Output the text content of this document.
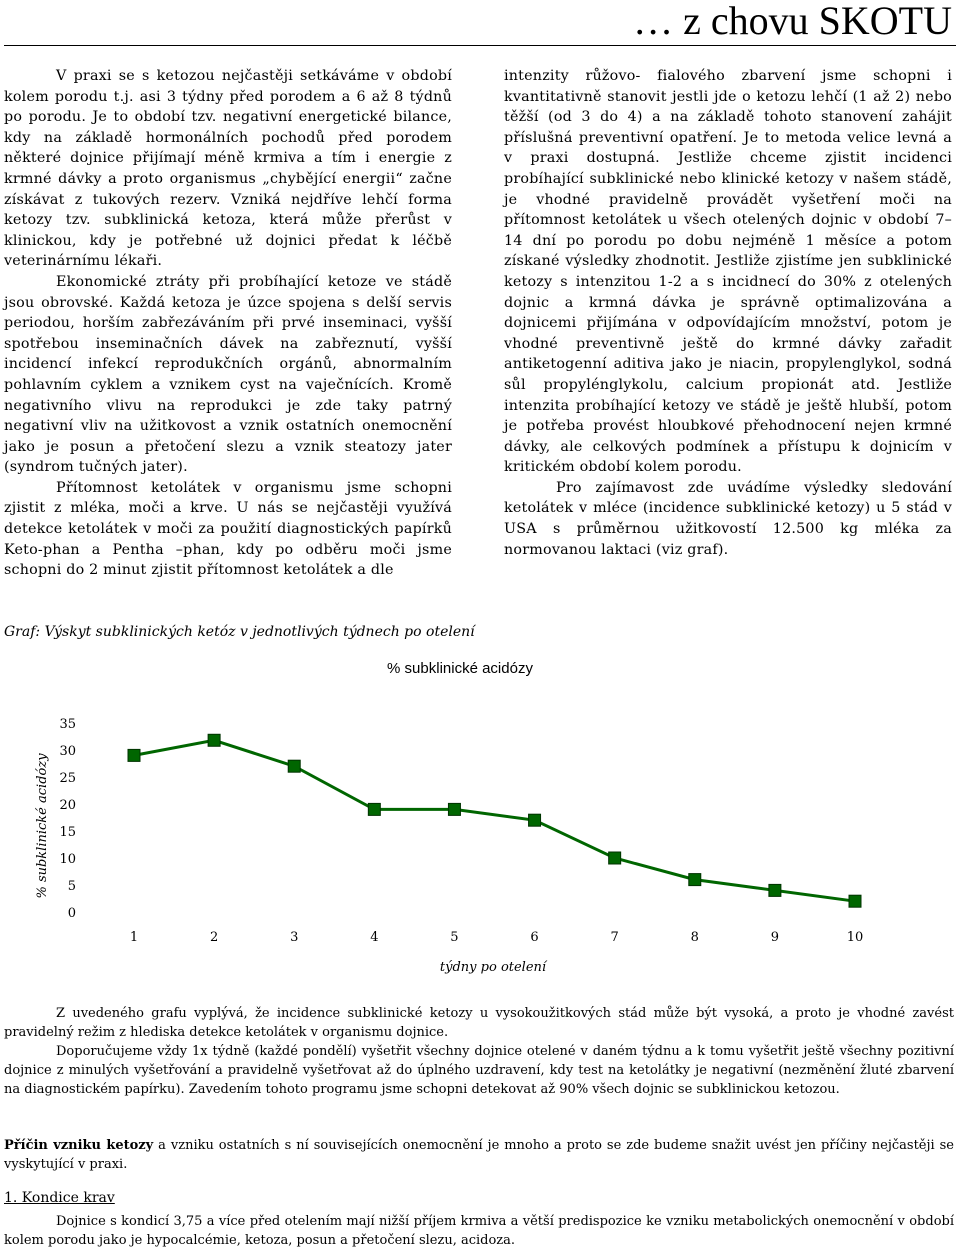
… z chovu SKOTU

V praxi se s ketozou nejčastěji setkáváme v období kolem porodu t.j. asi 3 týdny před porodem a 6 až 8 týdnů po porodu. Je to období tzv. negativní energetické bilance, kdy na základě hormonálních pochodů před porodem některé dojnice přijímají méně krmiva a tím i energie z krmné dávky a proto organismus „chybějící energii“ začne získávat z tukových rezerv. Vzniká nejdříve lehčí forma ketozy tzv. subklinická ketoza, která může přerůst v klinickou, kdy je potřebné už dojnici předat k léčbě veterinárnímu lékaři.

Ekonomické ztráty při probíhající ketoze ve stádě jsou obrovské. Každá ketoza je úzce spojena s delší servis periodou, horším zabřezáváním při prvé inseminaci, vyšší spotřebou inseminačních dávek na zabřeznutí, vyšší incidencí infekcí reprodukčních orgánů, abnormalním pohlavním cyklem a vznikem cyst na vaječnících. Kromě negativního vlivu na reprodukci je zde taky patrný negativní vliv na užitkovost a vznik ostatních onemocnění jako je posun a přetočení slezu a vznik steatozy jater (syndrom tučných jater).

Přítomnost ketolátek v organismu jsme schopni zjistit z mléka, moči a krve. U nás se nejčastěji využívá detekce ketolátek v moči za použití diagnostických papírků Keto-phan a Pentha –phan, kdy po odběru moči jsme schopni do 2 minut zjistit přítomnost ketolátek a dle

intenzity růžovo- fialového zbarvení jsme schopni i kvantitativně stanovit jestli jde o ketozu lehčí (1 až 2) nebo těžší (od 3 do 4) a na základě tohoto stanovení zahájit příslušná preventivní opatření. Je to metoda velice levná a v praxi dostupná. Jestliže chceme zjistit incidenci probíhající subklinické nebo klinické ketozy v našem stádě, je vhodné pravidelně provádět vyšetření moči na přítomnost ketolátek u všech otelených dojnic v období 7– 14 dní po porodu po dobu nejméně 1 měsíce a potom získané výsledky zhodnotit. Jestliže zjistíme jen subklinické ketozy s intenzitou 1-2 a s incidnecí do 30% z otelených dojnic a krmná dávka je správně optimalizována a dojnicemi přijímána v odpovídajícím množství, potom je vhodné preventivně ještě do krmné dávky zařadit antiketogenní aditiva jako je niacin, propylenglykol, sodná sůl propylénglykolu, calcium propionát atd. Jestliže intenzita probíhající ketozy ve stádě je ještě hlubší, potom je potřeba provést hloubkové přehodnocení nejen krmné dávky, ale celkových podmínek a přístupu k dojnicím v kritickém období kolem porodu.

Pro zajímavost zde uvádíme výsledky sledování ketolátek v mléce (incidence subklinické ketozy) u 5 stád v USA s průměrnou užitkovostí 12.500 kg mléka za normovanou laktaci (viz graf).

Graf: Výskyt subklinických ketóz v jednotlivých týdnech po otelení
% subklinické acidózy
0
5
10
15
20
25
30
35
1	2	3	4	5	6	7	8	9	10
% subklinické acidózy
týdny po otelení

Z uvedeného grafu vyplývá, že incidence subklinické ketozy u vysokoužitkových stád může být vysoká, a proto je vhodné zavést pravidelný režim z hlediska detekce ketolátek v organismu dojnice.

Doporučujeme vždy 1x týdně (každé pondělí) vyšetřit všechny dojnice otelené v daném týdnu a k tomu vyšetřit ještě všechny pozitivní dojnice z minulých vyšetřování a pravidelně vyšetřovat až do úplného uzdravení, kdy test na ketolátky je negativní (nezměnění žluté zbarvení na diagnostickém papírku). Zavedením tohoto programu jsme schopni detekovat až 90% všech dojnic se subklinickou ketozou.

Příčin vzniku ketozy a vzniku ostatních s ní souvisejících onemocnění je mnoho a proto se zde budeme snažit uvést jen příčiny nejčastěji se vyskytující v praxi.

1. Kondice krav

Dojnice s kondicí 3,75 a více před otelením mají nižší příjem krmiva a větší predispozice ke vzniku metabolických onemocnění v období kolem porodu jako je hypocalcémie, ketoza, posun a přetočení slezu, acidoza.
